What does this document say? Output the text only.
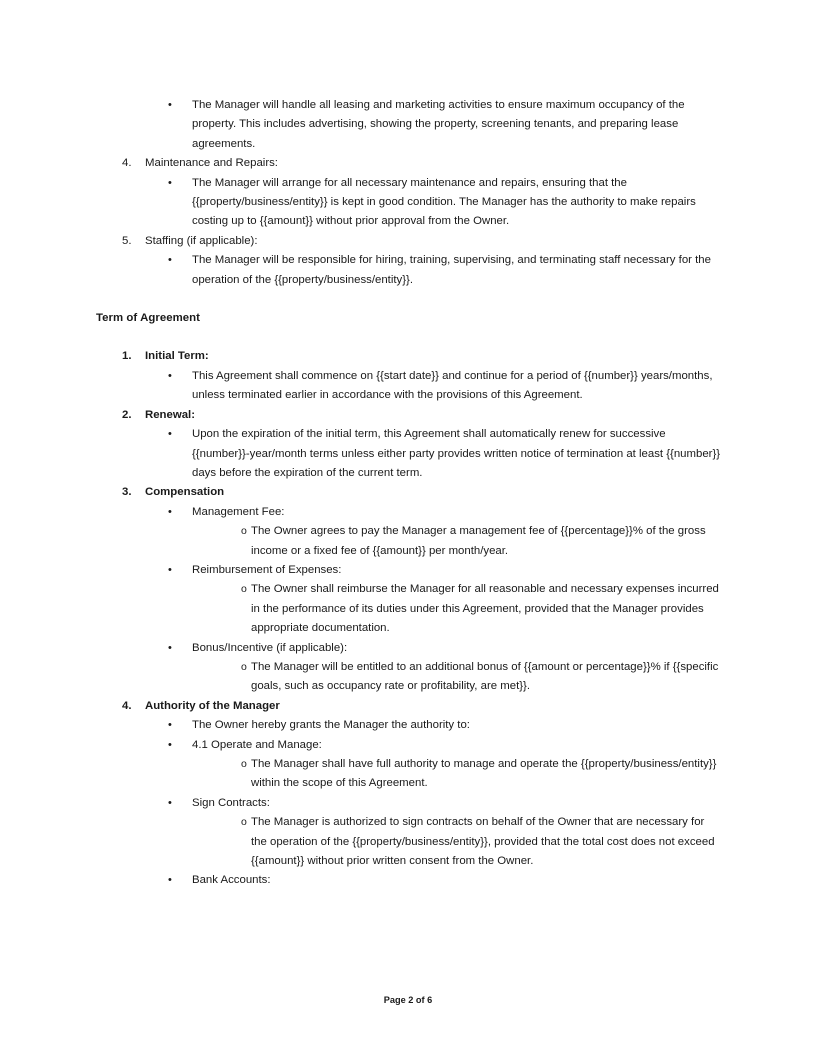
•	The Manager will handle all leasing and marketing activities to ensure maximum occupancy of the property. This includes advertising, showing the property, screening tenants, and preparing lease agreements.
4.	Maintenance and Repairs:
•	The Manager will arrange for all necessary maintenance and repairs, ensuring that the {{property/business/entity}} is kept in good condition. The Manager has the authority to make repairs costing up to {{amount}} without prior approval from the Owner.
5.	Staffing (if applicable):
•	The Manager will be responsible for hiring, training, supervising, and terminating staff necessary for the operation of the {{property/business/entity}}.
Term of Agreement
1.	Initial Term:
•	This Agreement shall commence on {{start date}} and continue for a period of {{number}} years/months, unless terminated earlier in accordance with the provisions of this Agreement.
2.	Renewal:
•	Upon the expiration of the initial term, this Agreement shall automatically renew for successive {{number}}-year/month terms unless either party provides written notice of termination at least {{number}} days before the expiration of the current term.
3.	Compensation
•	Management Fee:
o The Owner agrees to pay the Manager a management fee of {{percentage}}% of the gross income or a fixed fee of {{amount}} per month/year.
•	Reimbursement of Expenses:
o The Owner shall reimburse the Manager for all reasonable and necessary expenses incurred in the performance of its duties under this Agreement, provided that the Manager provides appropriate documentation.
•	Bonus/Incentive (if applicable):
o The Manager will be entitled to an additional bonus of {{amount or percentage}}% if {{specific goals, such as occupancy rate or profitability, are met}}.
4.	Authority of the Manager
•	The Owner hereby grants the Manager the authority to:
•	4.1 Operate and Manage:
o The Manager shall have full authority to manage and operate the {{property/business/entity}} within the scope of this Agreement.
•	Sign Contracts:
o The Manager is authorized to sign contracts on behalf of the Owner that are necessary for the operation of the {{property/business/entity}}, provided that the total cost does not exceed {{amount}} without prior written consent from the Owner.
•	Bank Accounts:
Page 2 of 6
